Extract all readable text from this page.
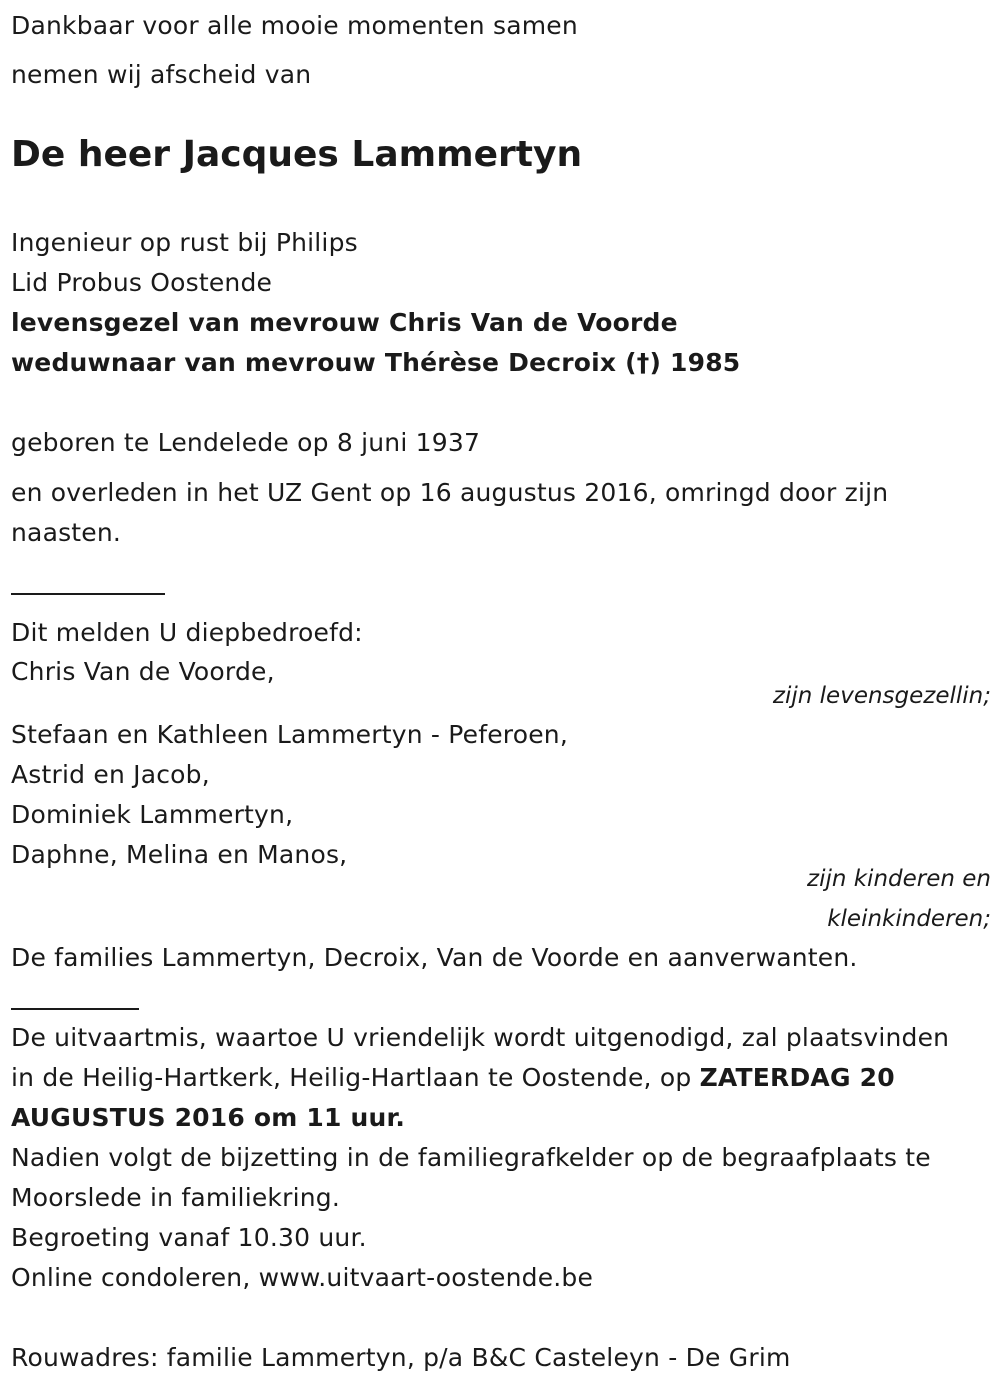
Dankbaar voor alle mooie momenten samen
nemen wij afscheid van
De heer Jacques Lammertyn
Ingenieur op rust bij Philips
Lid Probus Oostende
levensgezel van mevrouw Chris Van de Voorde
weduwnaar van mevrouw Thérèse Decroix (†) 1985
geboren te Lendelede op 8 juni 1937
en overleden in het UZ Gent op 16 augustus 2016, omringd door zijn
naasten.
Dit melden U diepbedroefd:
Chris Van de Voorde,
zijn levensgezellin;
Stefaan en Kathleen Lammertyn - Peferoen,
Astrid en Jacob,
Dominiek Lammertyn,
Daphne, Melina en Manos,
zijn kinderen en
kleinkinderen;
De families Lammertyn, Decroix, Van de Voorde en aanverwanten.
De uitvaartmis, waartoe U vriendelijk wordt uitgenodigd, zal plaatsvinden
in de Heilig-Hartkerk, Heilig-Hartlaan te Oostende, op ZATERDAG 20
AUGUSTUS 2016 om 11 uur.
Nadien volgt de bijzetting in de familiegrafkelder op de begraafplaats te
Moorslede in familiekring.
Begroeting vanaf 10.30 uur.
Online condoleren, www.uitvaart-oostende.be
Rouwadres: familie Lammertyn, p/a B&C Casteleyn - De Grim
